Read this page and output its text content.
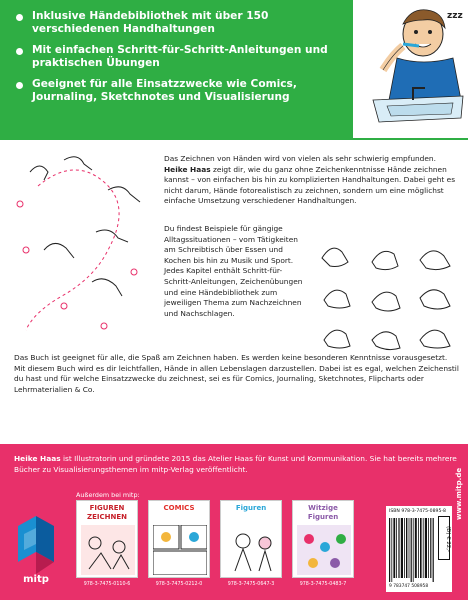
Inklusive Händebibliothek mit über 150 verschiedenen Handhaltungen
Mit einfachen Schritt-für-Schritt-Anleitungen und praktischen Übungen
Geeignet für alle Einsatzzwecke wie Comics, Journaling, Sketchnotes und Visualisierung
zzz

Das Zeichnen von Händen wird von vielen als sehr schwierig empfunden. Heike Haas zeigt dir, wie du ganz ohne Zeichenkenntnisse Hände zeichnen kannst – von einfachen bis hin zu komplizierten Handhaltungen. Dabei geht es nicht darum, Hände fotorealistisch zu zeichnen, sondern um eine möglichst einfache Umsetzung verschiedener Handhaltungen.

Du findest Beispiele für gängige Alltagssituationen – vom Tätigkeiten am Schreibtisch über Essen und Kochen bis hin zu Musik und Sport. Jedes Kapitel enthält Schritt-für-Schritt-Anleitungen, Zeichenübungen und eine Händebibliothek zum jeweiligen Thema zum Nachzeichnen und Nachschlagen.

Das Buch ist geeignet für alle, die Spaß am Zeichnen haben. Es werden keine besonderen Kenntnisse vorausgesetzt. Mit diesem Buch wird es dir leichtfallen, Hände in allen Lebenslagen darzustellen. Dabei ist es egal, welchen Zeichenstil du hast und für welche Einsatzzwecke du zeichnest, sei es für Comics, Journaling, Sketchnotes, Flipcharts oder Lehrmaterialien & Co.

Heike Haas ist Illustratorin und gründete 2015 das Atelier Haas für Kunst und Kommunikation. Sie hat bereits mehrere Bücher zu Visualisierungsthemen im mitp-Verlag veröffentlicht.

Außerdem bei mitp:
FIGUREN ZEICHNEN
978-3-7475-0110-6
COMICS
978-3-7475-0212-0
Figuren
978-3-7475-0647-3
Witzige Figuren
978-3-7475-0483-7
mitp
ISBN 978-3-7475-0895-8
(D) € 22,-
9 783747 508958
www.mitp.de
